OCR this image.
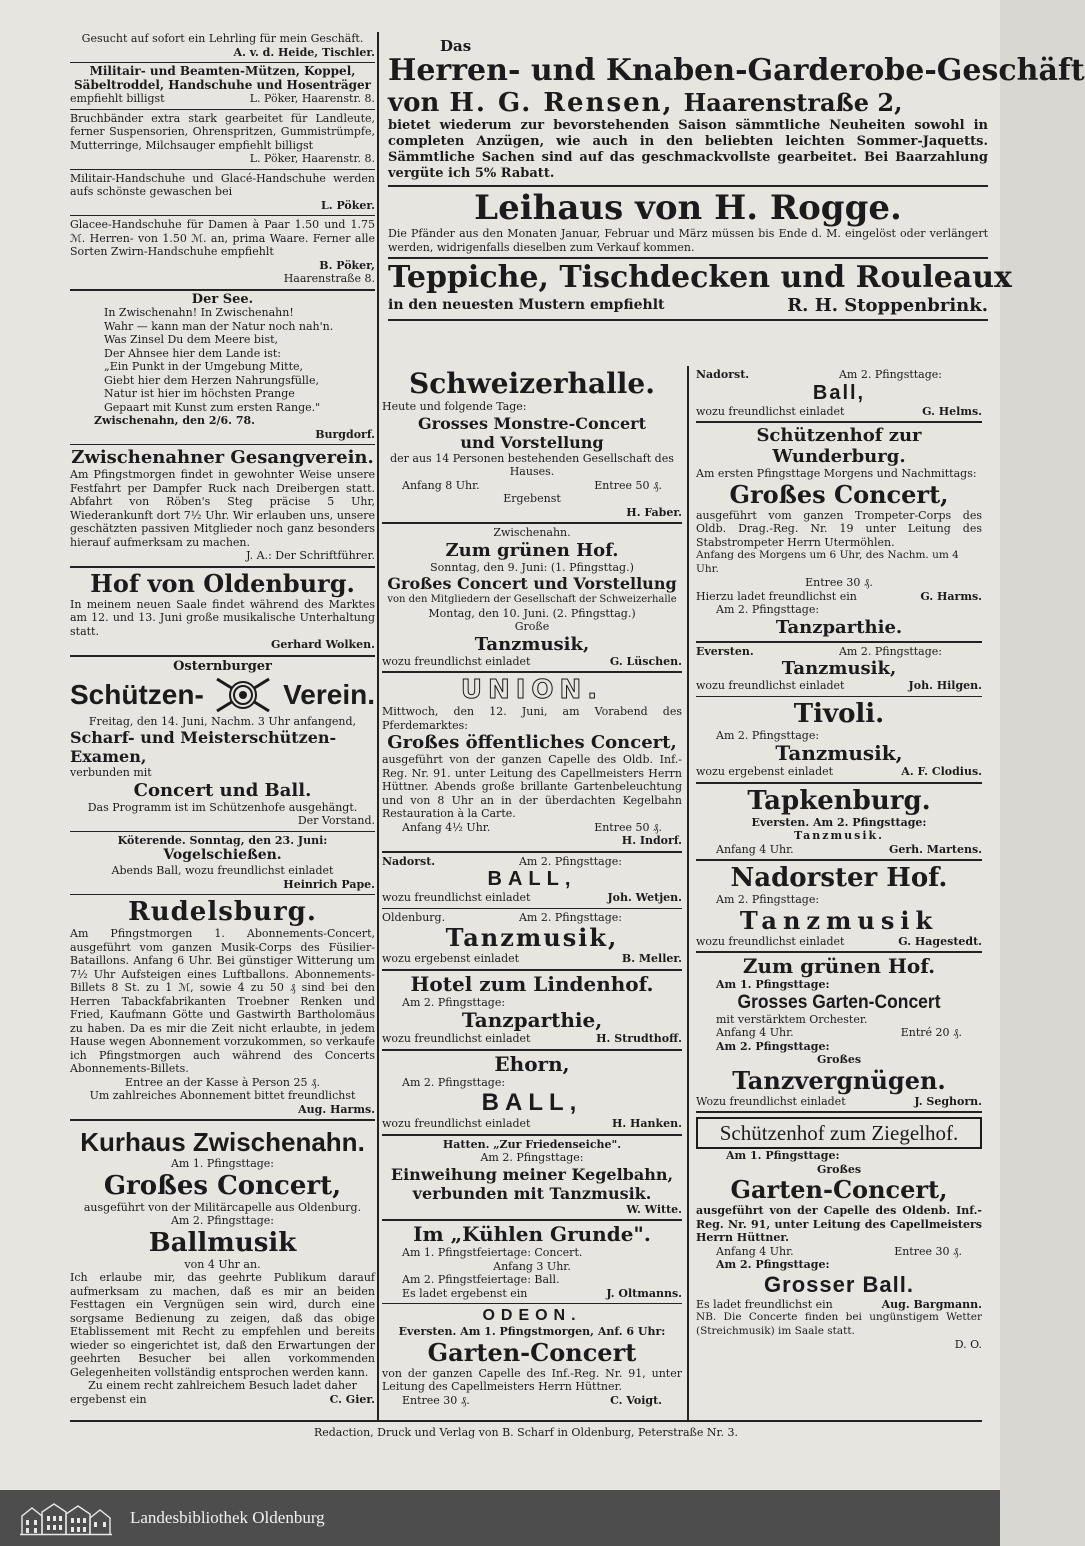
Gesucht auf sofort ein Lehrling für mein Geschäft.

A. v. d. Heide, Tischler.

Militair- und Beamten-Mützen, Koppel, Säbeltroddel, Handschuhe und Hosenträger

empfiehlt billigst	L. Pöker, Haarenstr. 8.

Bruchbänder extra stark gearbeitet für Landleute, ferner Suspensorien, Ohrenspritzen, Gummistrümpfe, Mutterringe, Milchsauger empfiehlt billigst

L. Pöker, Haarenstr. 8.

Militair-Handschuhe und Glacé-Handschuhe werden aufs schönste gewaschen bei

L. Pöker.

Glacee-Handschuhe für Damen à Paar 1.50 und 1.75 ℳ. Herren- von 1.50 ℳ. an, prima Waare. Ferner alle Sorten Zwirn-Handschuhe empfiehlt

B. Pöker,

Haarenstraße 8.

Der See.

In Zwischenahn! In Zwischenahn!

Wahr — kann man der Natur noch nah'n.

Was Zinsel Du dem Meere bist,

Der Ahnsee hier dem Lande ist:

„Ein Punkt in der Umgebung Mitte,

Giebt hier dem Herzen Nahrungsfülle,

Natur ist hier im höchsten Prange

Gepaart mit Kunst zum ersten Range."

Zwischenahn, den 2/6. 78.

Burgdorf.

Zwischenahner Gesangverein.

Am Pfingstmorgen findet in gewohnter Weise unsere Festfahrt per Dampfer Ruck nach Dreibergen statt. Abfahrt von Röben's Steg präcise 5 Uhr, Wiederankunft dort 7½ Uhr. Wir erlauben uns, unsere geschätzten passiven Mitglieder noch ganz besonders hierauf aufmerksam zu machen.

J. A.: Der Schriftführer.

Hof von Oldenburg.

In meinem neuen Saale findet während des Marktes am 12. und 13. Juni große musikalische Unterhaltung statt.

Gerhard Wolken.

Osternburger

Schützen-	Verein.

Freitag, den 14. Juni, Nachm. 3 Uhr anfangend,

Scharf- und Meisterschützen-Examen,

verbunden mit

Concert und Ball.

Das Programm ist im Schützenhofe ausgehängt.

Der Vorstand.

Köterende. Sonntag, den 23. Juni:

Vogelschießen.

Abends Ball, wozu freundlichst einladet

Heinrich Pape.

Rudelsburg.

Am Pfingstmorgen 1. Abonnements-Concert, ausgeführt vom ganzen Musik-Corps des Füsilier-Bataillons. Anfang 6 Uhr. Bei günstiger Witterung um 7½ Uhr Aufsteigen eines Luftballons. Abonnements-Billets 8 St. zu 1 ℳ, sowie 4 zu 50 ₰ sind bei den Herren Tabackfabrikanten Troebner Renken und Fried, Kaufmann Götte und Gastwirth Bartholomäus zu haben. Da es mir die Zeit nicht erlaubte, in jedem Hause wegen Abonnement vorzukommen, so verkaufe ich Pfingstmorgen auch während des Concerts Abonnements-Billets.

Entree an der Kasse à Person 25 ₰.

Um zahlreiches Abonnement bittet freundlichst

Aug. Harms.

Kurhaus Zwischenahn.

Am 1. Pfingsttage:

Großes Concert,

ausgeführt von der Militärcapelle aus Oldenburg.

Am 2. Pfingsttage:

Ballmusik

von 4 Uhr an.

Ich erlaube mir, das geehrte Publikum darauf aufmerksam zu machen, daß es mir an beiden Festtagen ein Vergnügen sein wird, durch eine sorgsame Bedienung zu zeigen, daß das obige Etablissement mit Recht zu empfehlen und bereits wieder so eingerichtet ist, daß den Erwartungen der geehrten Besucher bei allen vorkommenden Gelegenheiten vollständig entsprochen werden kann.

Zu einem recht zahlreichem Besuch ladet daher

ergebenst ein	C. Gier.

Das

Herren- und Knaben-Garderobe-Geschäft

von H. G. Rensen, Haarenstraße 2,

bietet wiederum zur bevorstehenden Saison sämmtliche Neuheiten sowohl in completen Anzügen, wie auch in den beliebten leichten Sommer-Jaquetts. Sämmtliche Sachen sind auf das geschmackvollste gearbeitet. Bei Baarzahlung vergüte ich 5% Rabatt.

Leihaus von H. Rogge.

Die Pfänder aus den Monaten Januar, Februar und März müssen bis Ende d. M. eingelöst oder verlängert werden, widrigenfalls dieselben zum Verkauf kommen.

Teppiche, Tischdecken und Rouleaux

in den neuesten Mustern empfiehlt	R. H. Stoppenbrink.

Schweizerhalle.

Heute und folgende Tage:

Grosses Monstre-Concert

und Vorstellung

der aus 14 Personen bestehenden Gesellschaft des Hauses.

Anfang 8 Uhr.	Entree 50 ₰.

Ergebenst

H. Faber.

Zwischenahn.

Zum grünen Hof.

Sonntag, den 9. Juni: (1. Pfingsttag.)

Großes Concert und Vorstellung

von den Mitgliedern der Gesellschaft der Schweizerhalle

Montag, den 10. Juni. (2. Pfingsttag.)

Große

Tanzmusik,

wozu freundlichst einladet	G. Lüschen.

UNION.

Mittwoch, den 12. Juni, am Vorabend des Pferdemarktes:

Großes öffentliches Concert,

ausgeführt von der ganzen Capelle des Oldb. Inf.-Reg. Nr. 91. unter Leitung des Capellmeisters Herrn Hüttner. Abends große brillante Gartenbeleuchtung und von 8 Uhr an in der überdachten Kegelbahn Restauration à la Carte.

Anfang 4½ Uhr.	Entree 50 ₰.

H. Indorf.

Nadorst.	Am 2. Pfingsttage:

BALL,

wozu freundlichst einladet	Joh. Wetjen.
Oldenburg.	Am 2. Pfingsttage:

Tanzmusik,

wozu ergebenst einladet	B. Meller.

Hotel zum Lindenhof.

Am 2. Pfingsttage:

Tanzparthie,

wozu freundlichst einladet	H. Strudthoff.

Ehorn,

Am 2. Pfingsttage:

BALL,

wozu freundlichst einladet	H. Hanken.

Hatten. „Zur Friedenseiche".

Am 2. Pfingsttage:

Einweihung meiner Kegelbahn,

verbunden mit Tanzmusik.

W. Witte.

Im „Kühlen Grunde".

Am 1. Pfingstfeiertage: Concert.

Anfang 3 Uhr.

Am 2. Pfingstfeiertage: Ball.

Es ladet ergebenst ein	J. Oltmanns.

ODEON.

Eversten. Am 1. Pfingstmorgen, Anf. 6 Uhr:

Garten-Concert

von der ganzen Capelle des Inf.-Reg. Nr. 91, unter Leitung des Capellmeisters Herrn Hüttner.

Entree 30 ₰.	C. Voigt.
Nadorst.	Am 2. Pfingsttage:

Ball,

wozu freundlichst einladet	G. Helms.

Schützenhof zur Wunderburg.

Am ersten Pfingsttage Morgens und Nachmittags:

Großes Concert,

ausgeführt vom ganzen Trompeter-Corps des Oldb. Drag.-Reg. Nr. 19 unter Leitung des Stabstrompeter Herrn Utermöhlen.

Anfang des Morgens um 6 Uhr, des Nachm. um 4 Uhr.

Entree 30 ₰.

Hierzu ladet freundlichst ein	G. Harms.

Am 2. Pfingsttage:

Tanzparthie.

Eversten.	Am 2. Pfingsttage:

Tanzmusik,

wozu freundlichst einladet	Joh. Hilgen.

Tivoli.

Am 2. Pfingsttage:

Tanzmusik,

wozu ergebenst einladet	A. F. Clodius.

Tapkenburg.

Eversten. Am 2. Pfingsttage:

Tanzmusik.

Anfang 4 Uhr.	Gerh. Martens.

Nadorster Hof.

Am 2. Pfingsttage:

Tanzmusik

wozu freundlichst einladet	G. Hagestedt.

Zum grünen Hof.

Am 1. Pfingsttage:

Grosses Garten-Concert

mit verstärktem Orchester.

Anfang 4 Uhr.	Entré 20 ₰.

Am 2. Pfingsttage:

Großes

Tanzvergnügen.

Wozu freundlichst einladet	J. Seghorn.

Schützenhof zum Ziegelhof.

Am 1. Pfingsttage:

Großes

Garten-Concert,

ausgeführt von der Capelle des Oldenb. Inf.-Reg. Nr. 91, unter Leitung des Capellmeisters Herrn Hüttner.

Anfang 4 Uhr.	Entree 30 ₰.

Am 2. Pfingsttage:

Grosser Ball.

Es ladet freundlichst ein	Aug. Bargmann.

NB. Die Concerte finden bei ungünstigem Wetter (Streichmusik) im Saale statt.

D. O.

Redaction, Druck und Verlag von B. Scharf in Oldenburg, Peterstraße Nr. 3.

Landesbibliothek Oldenburg
